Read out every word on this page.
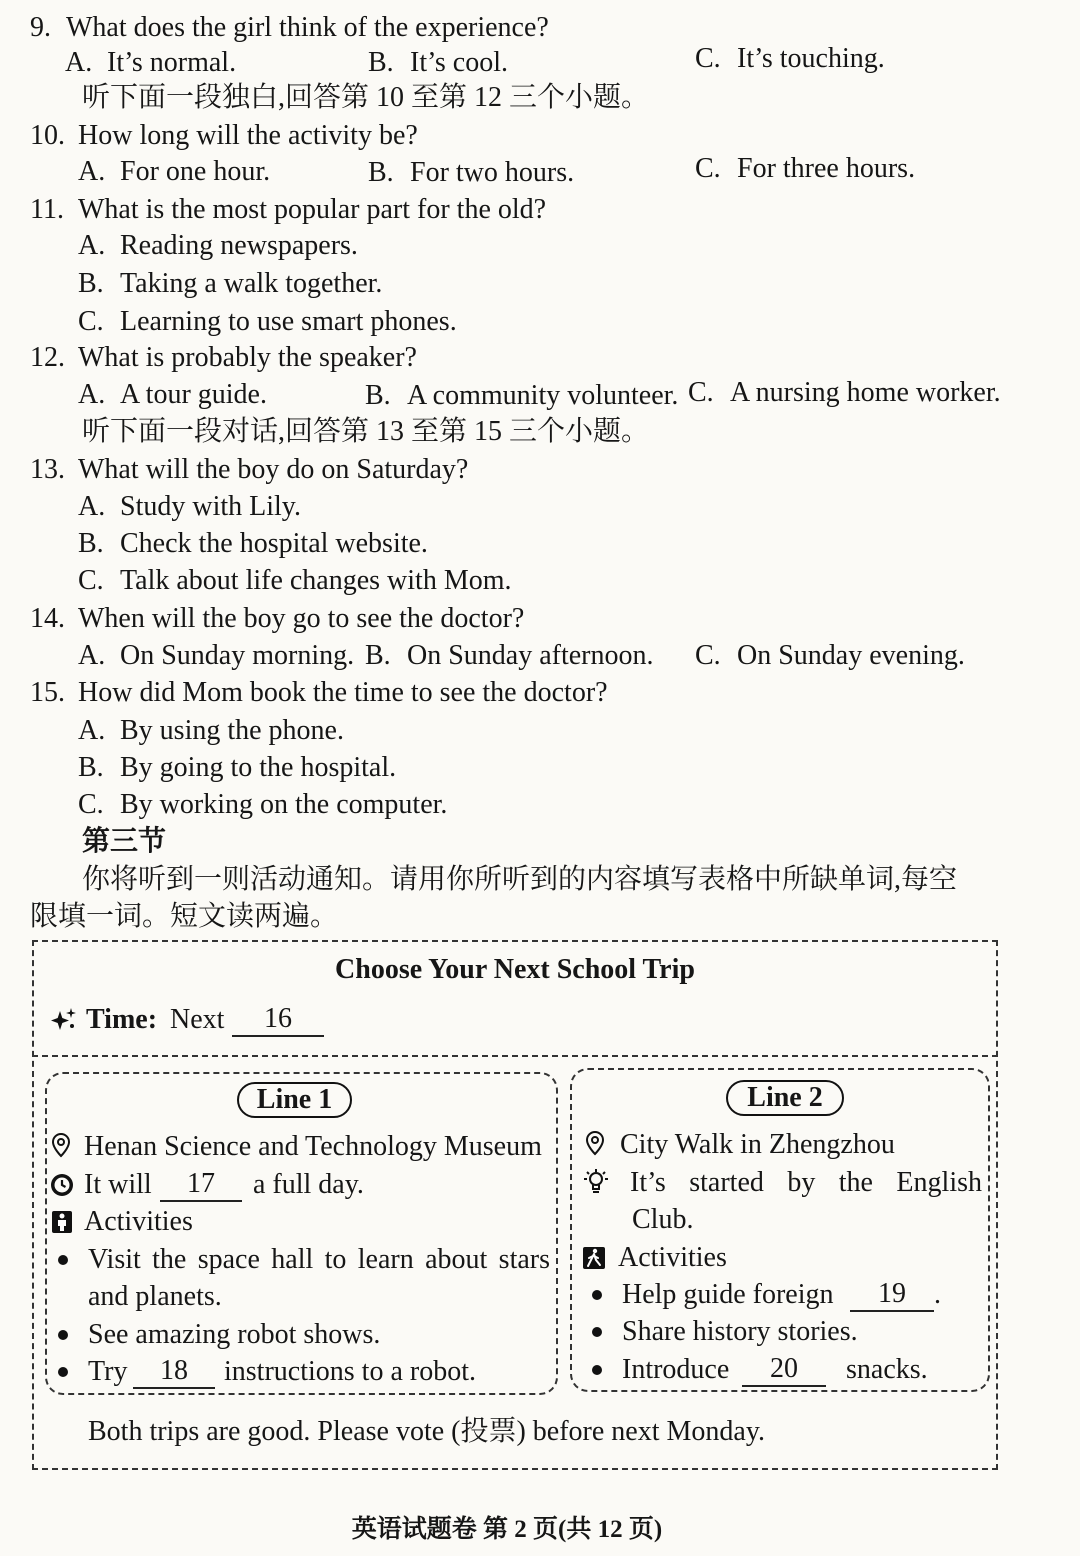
9. What does the girl think of the experience?
A. It’s normal.	B. It’s cool.	C. It’s touching.
听下面一段独白,回答第 10 至第 12 三个小题。
10. How long will the activity be?
A. For one hour.	B. For two hours.	C. For three hours.
11. What is the most popular part for the old?
A. Reading newspapers.
B. Taking a walk together.
C. Learning to use smart phones.
12. What is probably the speaker?
A. A tour guide.	B. A community volunteer. C. A nursing home worker.
听下面一段对话,回答第 13 至第 15 三个小题。
13. What will the boy do on Saturday?
A. Study with Lily.
B. Check the hospital website.
C. Talk about life changes with Mom.
14. When will the boy go to see the doctor?
A. On Sunday morning. B. On Sunday afternoon. C. On Sunday evening.
15. How did Mom book the time to see the doctor?
A. By using the phone.
B. By going to the hospital.
C. By working on the computer.
第三节
你将听到一则活动通知。请用你所听到的内容填写表格中所缺单词,每空
限填一词。短文读两遍。
Choose Your Next School Trip
Time: Next	16
Line 1
Henan Science and Technology Museum
It will	17	a full day.
Activities
Visit the space hall to learn about stars
and planets.
See amazing robot shows.
Try	18	instructions to a robot.
Line 2
City Walk in Zhengzhou
It’s started by the English
Club.
Activities
Help guide foreign	19	.
Share history stories.
Introduce	20	snacks.
Both trips are good. Please vote (投票) before next Monday.
英语试题卷 第 2 页(共 12 页)
